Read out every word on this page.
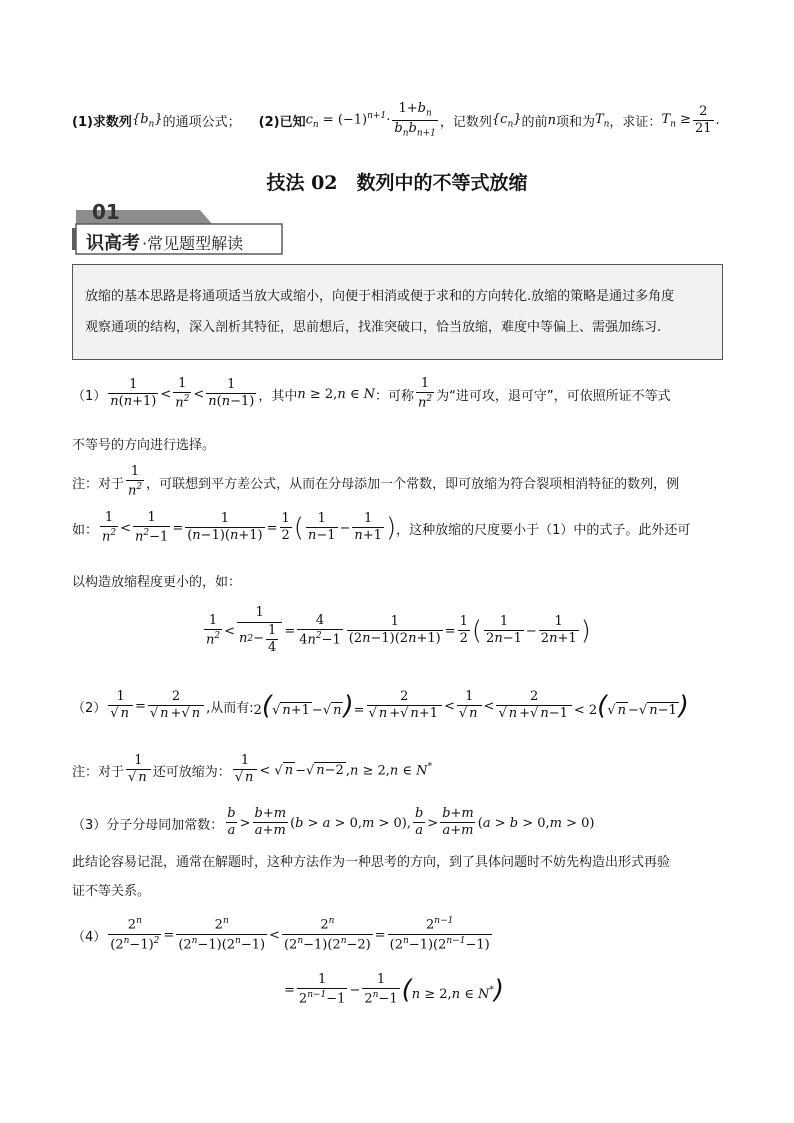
(1)求数列 $\{b_n\}$ 的通项公式； (2)已知 $c_n = (-1)^{n+1}\cdot$
$1+b_n$
$b_nb_{n+1}$
，记数列 $\{c_n\}$ 的前 n 项和为 $T_n$ ，求证： $T_n \ge \frac{2}{21}$ .
技法 02　数列中的不等式放缩
01
识高考 ·常见题型解读

放缩的基本思路是将通项适当放大或缩小，向便于相消或便于求和的方向转化.放缩的策略是通过多角度

观察通项的结构，深入剖析其特征，思前想后，找准突破口，恰当放缩，难度中等偏上、需强加练习.

（1）
1
n(n+1)
<
1
$n^2$ <
1
n(n−1) ，其中 n ≥ 2,n ∈ N ：可称
1
$n^2$ 为“进可攻，退可守”，可依照所证不等式
不等号的方向进行选择。
注：对于
1
$n^2$ ，可联想到平方差公式，从而在分母添加一个常数，即可放缩为符合裂项相消特征的数列，例
如：
1
$n^2 < \frac{1}{n^2-1} = \frac{1}{(n-1)(n+1)} = \frac{1}{2}$ ( 1
n−1
− $\frac{1}{n+1}$ ) ，这种放缩的尺度要小于（1）中的式子。此外还可
以构造放缩程度更小的，如：
1
$n^2 < \frac{1}{n 2 - \frac{1}{4}} = \frac{4}{4n^2-1} \frac{1}{(2n-1)(2n+1)} = \frac{1}{2}$ ( 1
2n−1
− $\frac{1}{2n+1}$ )
$(2) \frac{1}{√ n} = \frac{2}{√ n +√ n}$ ,从而有: 2(√ n+1 −√ $n)= \frac{2}{√ n +√ n+1}$ <
1
√ n
<
2
√ n +√ n−1 < 2(√ n −√ n−1)
注：对于
1
√ n 还可放缩为：
1
√ n < √ n −√ n−2 ,n ≥ 2,n ∈ N*
（3）分子分母同加常数：
b
a
>
b+m
a+m
(b > a > 0,m > 0),
b
a
>
b+m
a+m
(a > b > 0,m > 0)
此结论容易记混，通常在解题时，这种方法作为一种思考的方向，到了具体问题时不妨先构造出形式再验
证不等关系。
$(4) \frac{2^n}{(2^n-1)^2} = \frac{2^n}{(2^n-1)(2^n-1)} < \frac{2^n}{(2^n-1)(2^n-2)} = \frac{2^{n-1}}{(2^n-1)(2^{n-1}-1)}$
= $\frac{1}{2^{n-1}-1} - \frac{1}{2^n-1} (n \ge 2,n$ ∈ N*)
